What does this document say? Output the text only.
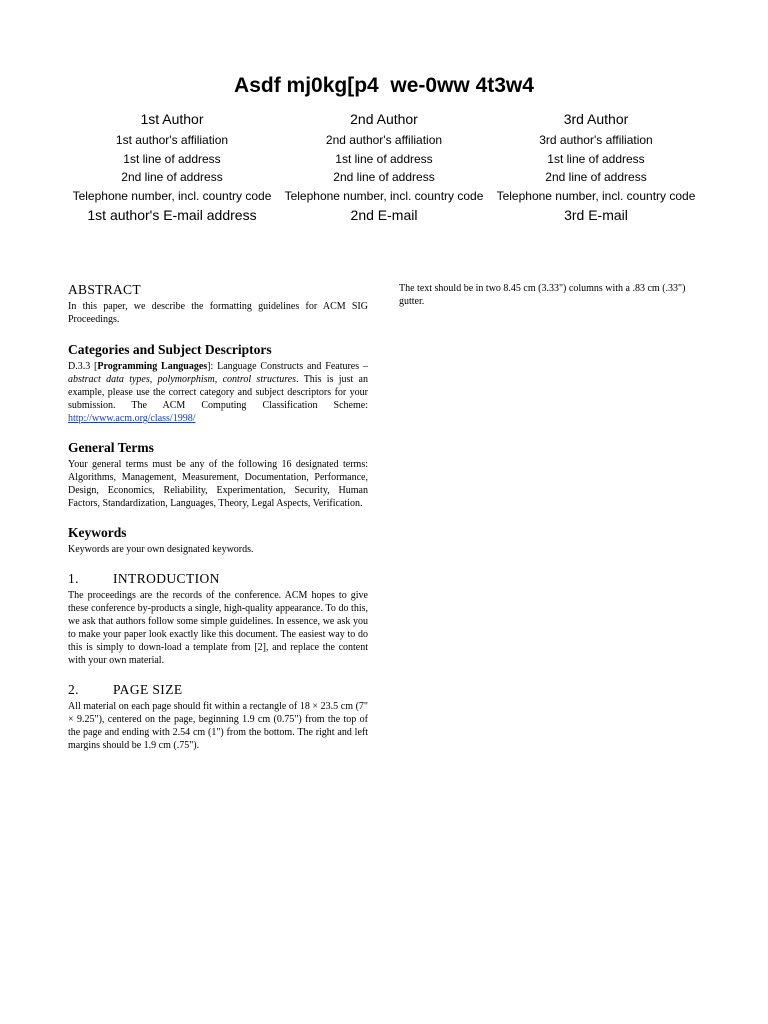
Asdf mj0kg[p4  we-0ww 4t3w4
1st Author
1st author's affiliation
1st line of address
2nd line of address
Telephone number, incl. country code
1st author's E-mail address
2nd Author
2nd author's affiliation
1st line of address
2nd line of address
Telephone number, incl. country code
2nd E-mail
3rd Author
3rd author's affiliation
1st line of address
2nd line of address
Telephone number, incl. country code
3rd E-mail
ABSTRACT

In this paper, we describe the formatting guidelines for ACM SIG Proceedings.

Categories and Subject Descriptors

D.3.3 [Programming Languages]: Language Constructs and Features – abstract data types, polymorphism, control structures. This is just an example, please use the correct category and subject descriptors for your submission. The ACM Computing Classification Scheme: http://www.acm.org/class/1998/

General Terms

Your general terms must be any of the following 16 designated terms: Algorithms, Management, Measurement, Documentation, Performance, Design, Economics, Reliability, Experimentation, Security, Human Factors, Standardization, Languages, Theory, Legal Aspects, Verification.

Keywords

Keywords are your own designated keywords.

1.	INTRODUCTION

The proceedings are the records of the conference. ACM hopes to give these conference by-products a single, high-quality appearance. To do this, we ask that authors follow some simple guidelines. In essence, we ask you to make your paper look exactly like this document. The easiest way to do this is simply to down-load a template from [2], and replace the content with your own material.

2.	PAGE SIZE

All material on each page should fit within a rectangle of 18 × 23.5 cm (7" × 9.25"), centered on the page, beginning 1.9 cm (0.75") from the top of the page and ending with 2.54 cm (1") from the bottom. The right and left margins should be 1.9 cm (.75").

The text should be in two 8.45 cm (3.33") columns with a .83 cm (.33") gutter.
